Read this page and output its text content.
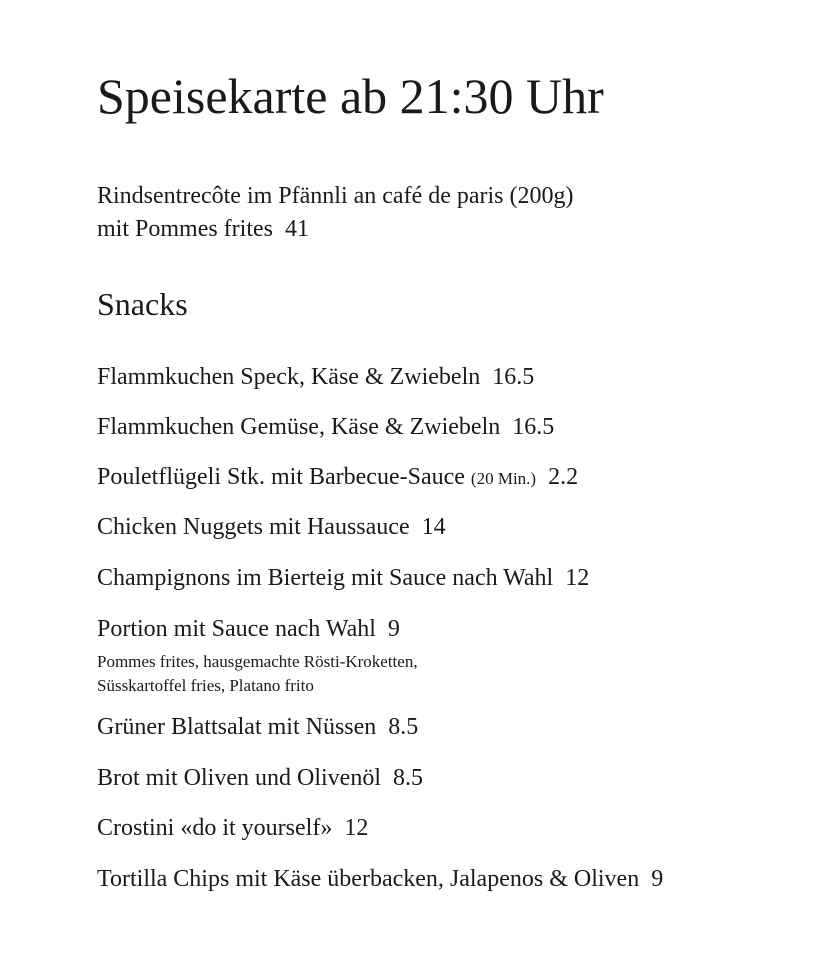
Speisekarte ab 21:30 Uhr
Rindsentrecôte im Pfännli an café de paris (200g)
mit Pommes frites 41
Snacks
Flammkuchen Speck, Käse & Zwiebeln 16.5
Flammkuchen Gemüse, Käse & Zwiebeln 16.5
Pouletflügeli Stk. mit Barbecue-Sauce (20 Min.) 2.2
Chicken Nuggets mit Haussauce 14
Champignons im Bierteig mit Sauce nach Wahl 12
Portion mit Sauce nach Wahl 9
Pommes frites, hausgemachte Rösti-Kroketten,
Süsskartoffel fries, Platano frito
Grüner Blattsalat mit Nüssen 8.5
Brot mit Oliven und Olivenöl 8.5
Crostini «do it yourself» 12
Tortilla Chips mit Käse überbacken, Jalapenos & Oliven 9
